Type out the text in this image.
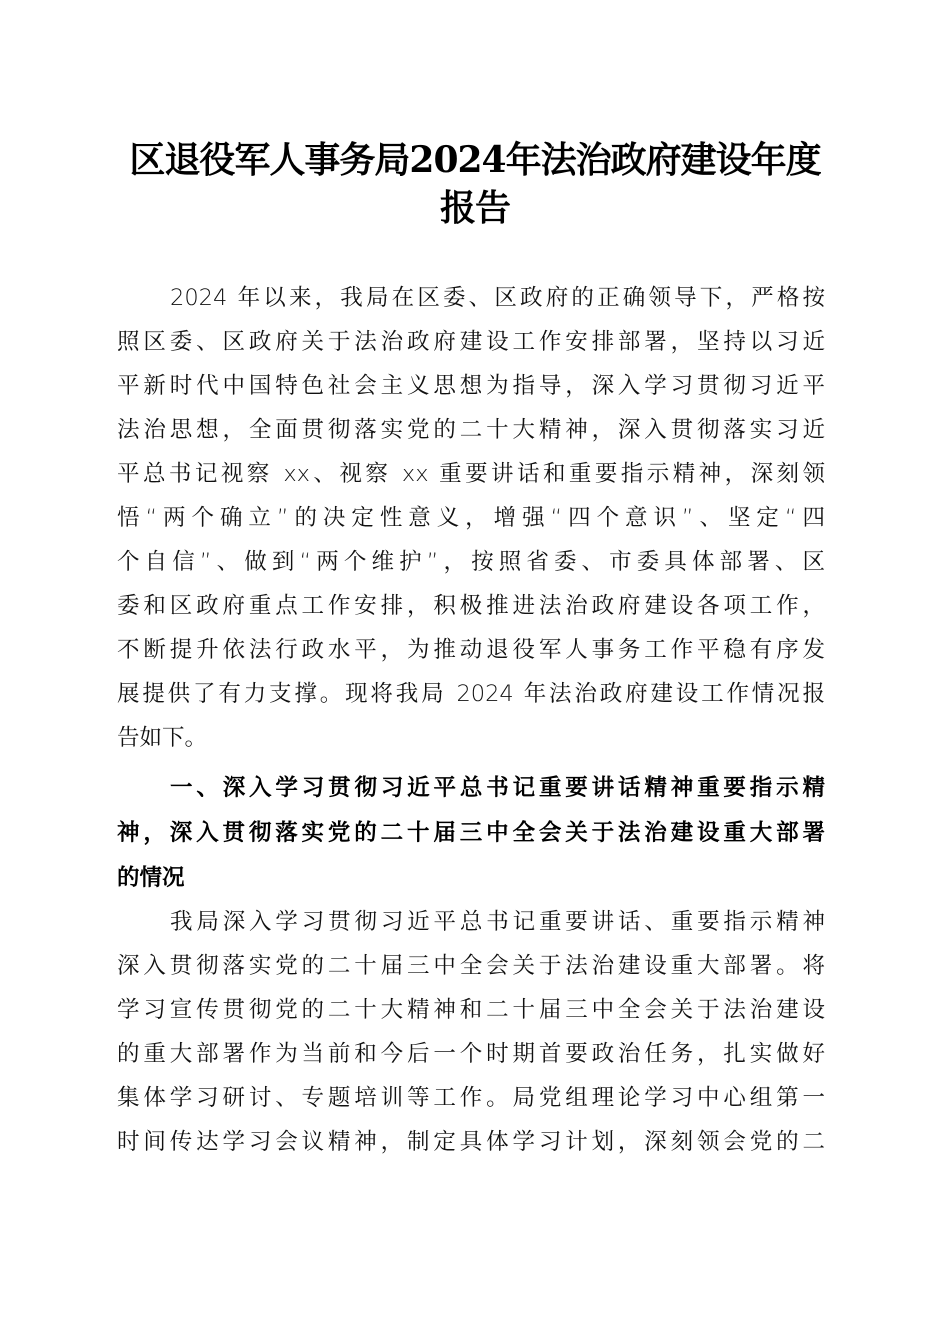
区退役军人事务局2024年法治政府建设年度
报告
2024 年以来，我局在区委、区政府的正确领导下，严格按
照区委、区政府关于法治政府建设工作安排部署，坚持以习近
平新时代中国特色社会主义思想为指导，深入学习贯彻习近平
法治思想，全面贯彻落实党的二十大精神，深入贯彻落实习近
平总书记视察 xx、视察 xx 重要讲话和重要指示精神，深刻领
悟“两个确立”的决定性意义，增强“四个意识”、坚定“四
个自信”、做到“两个维护”，按照省委、市委具体部署、区
委和区政府重点工作安排，积极推进法治政府建设各项工作，
不断提升依法行政水平，为推动退役军人事务工作平稳有序发
展提供了有力支撑。现将我局 2024 年法治政府建设工作情况报
告如下。
一、深入学习贯彻习近平总书记重要讲话精神重要指示精
神，深入贯彻落实党的二十届三中全会关于法治建设重大部署
的情况
我局深入学习贯彻习近平总书记重要讲话、重要指示精神
深入贯彻落实党的二十届三中全会关于法治建设重大部署。将
学习宣传贯彻党的二十大精神和二十届三中全会关于法治建设
的重大部署作为当前和今后一个时期首要政治任务，扎实做好
集体学习研讨、专题培训等工作。局党组理论学习中心组第一
时间传达学习会议精神，制定具体学习计划，深刻领会党的二
